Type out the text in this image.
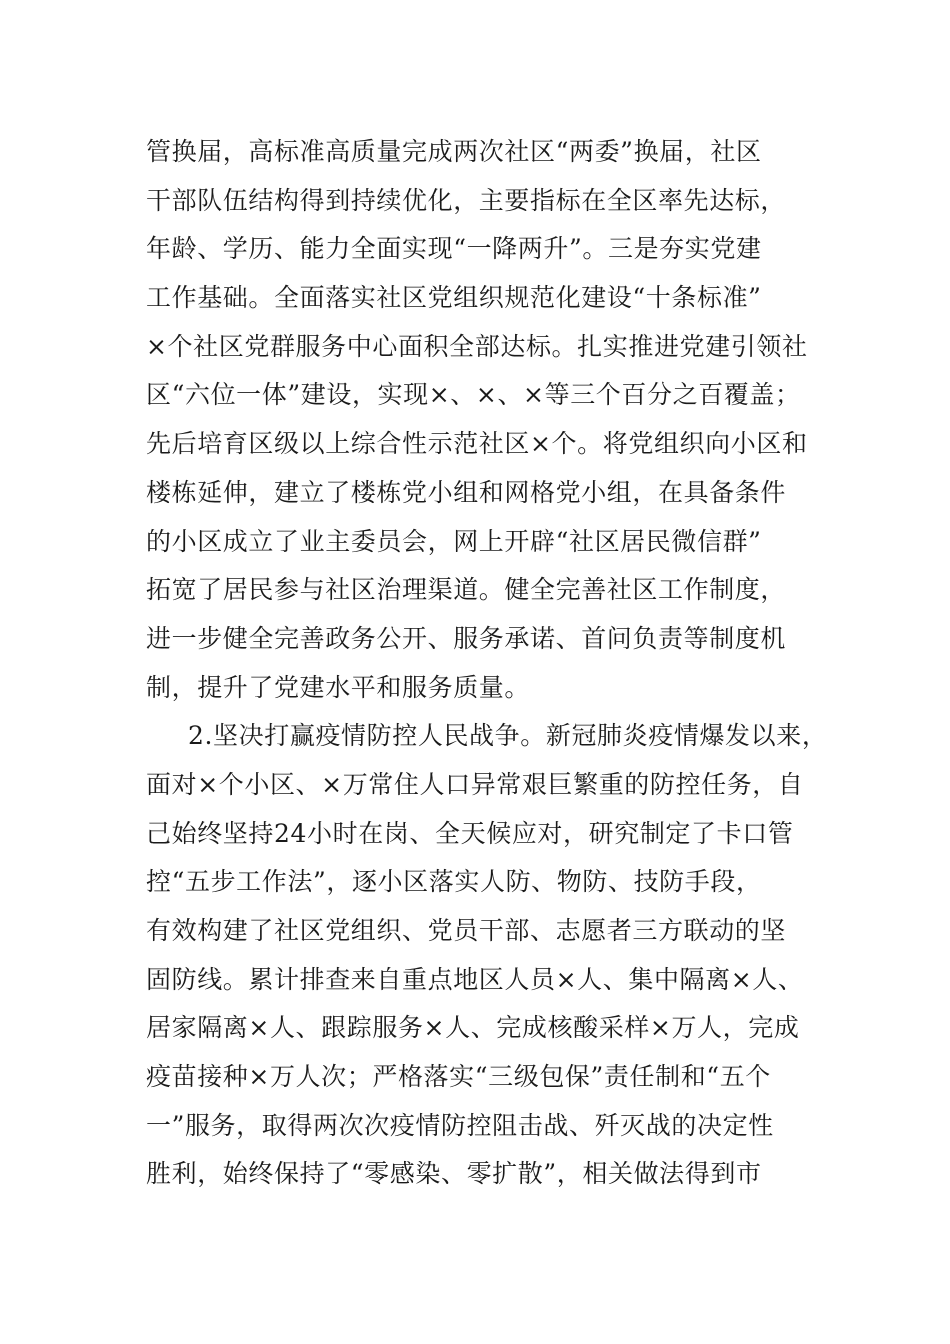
管换届，高标准高质量完成两次社区“两委”换届，社区
干部队伍结构得到持续优化，主要指标在全区率先达标，
年龄、学历、能力全面实现“一降两升”。三是夯实党建
工作基础。全面落实社区党组织规范化建设“十条标准”
×个社区党群服务中心面积全部达标。扎实推进党建引领社
区“六位一体”建设，实现×、×、×等三个百分之百覆盖；
先后培育区级以上综合性示范社区×个。将党组织向小区和
楼栋延伸，建立了楼栋党小组和网格党小组，在具备条件
的小区成立了业主委员会，网上开辟“社区居民微信群”
拓宽了居民参与社区治理渠道。健全完善社区工作制度，
进一步健全完善政务公开、服务承诺、首问负责等制度机
制，提升了党建水平和服务质量。
2.坚决打赢疫情防控人民战争。新冠肺炎疫情爆发以来，
面对×个小区、×万常住人口异常艰巨繁重的防控任务，自
己始终坚持24小时在岗、全天候应对，研究制定了卡口管
控“五步工作法”，逐小区落实人防、物防、技防手段，
有效构建了社区党组织、党员干部、志愿者三方联动的坚
固防线。累计排查来自重点地区人员×人、集中隔离×人、
居家隔离×人、跟踪服务×人、完成核酸采样×万人，完成
疫苗接种×万人次；严格落实“三级包保”责任制和“五个
一”服务，取得两次次疫情防控阻击战、歼灭战的决定性
胜利，始终保持了“零感染、零扩散”，相关做法得到市
